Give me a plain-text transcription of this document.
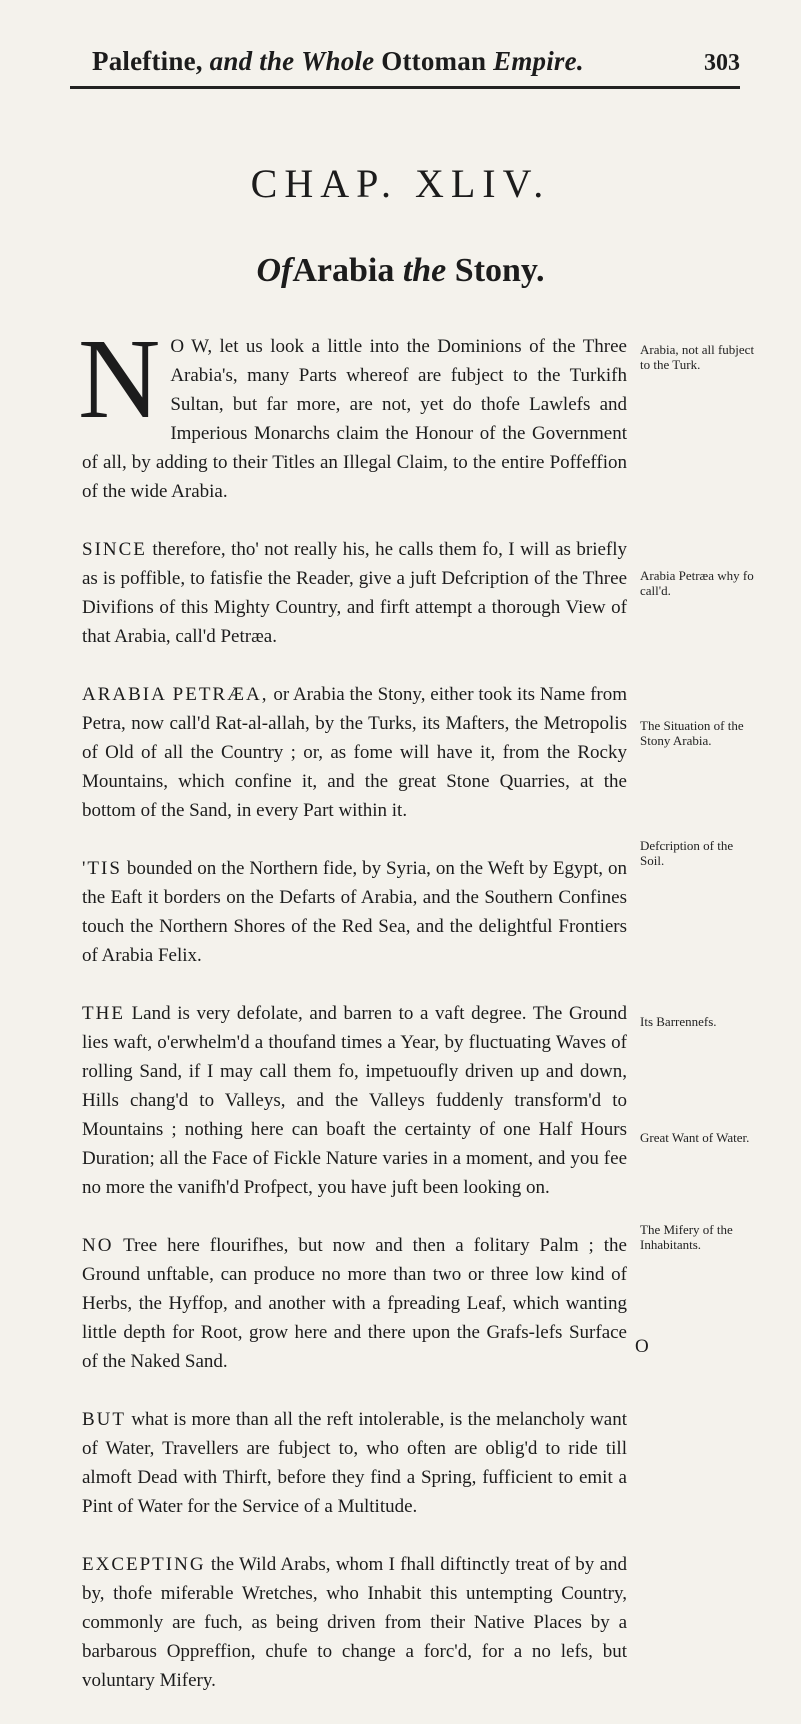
Paleftine, and the Whole Ottoman Empire.	303
CHAP. XLIV.
OfArabia the Stony.

N O W, let us look a little into the Dominions of the Three Arabia's, many Parts whereof are fubject to the Turkifh Sultan, but far more, are not, yet do thofe Lawlefs and Imperious Monarchs claim the Honour of the Government of all, by adding to their Titles an Illegal Claim, to the entire Poffeffion of the wide Arabia.

SINCE therefore, tho' not really his, he calls them fo, I will as briefly as is poffible, to fatisfie the Reader, give a juft Defcription of the Three Divifions of this Mighty Country, and firft attempt a thorough View of that Arabia, call'd Petræa.

ARABIA PETRÆA, or Arabia the Stony, either took its Name from Petra, now call'd Rat-al-allah, by the Turks, its Mafters, the Metropolis of Old of all the Country ; or, as fome will have it, from the Rocky Mountains, which confine it, and the great Stone Quarries, at the bottom of the Sand, in every Part within it.

'TIS bounded on the Northern fide, by Syria, on the Weft by Egypt, on the Eaft it borders on the Defarts of Arabia, and the Southern Confines touch the Northern Shores of the Red Sea, and the delightful Frontiers of Arabia Felix.

THE Land is very defolate, and barren to a vaft degree. The Ground lies waft, o'erwhelm'd a thoufand times a Year, by fluctuating Waves of rolling Sand, if I may call them fo, impetuoufly driven up and down, Hills chang'd to Valleys, and the Valleys fuddenly transform'd to Mountains ; nothing here can boaft the certainty of one Half Hours Duration; all the Face of Fickle Nature varies in a moment, and you fee no more the vanifh'd Profpect, you have juft been looking on.

NO Tree here flourifhes, but now and then a folitary Palm ; the Ground unftable, can produce no more than two or three low kind of Herbs, the Hyffop, and another with a fpreading Leaf, which wanting little depth for Root, grow here and there upon the Grafs-lefs Surface of the Naked Sand.

BUT what is more than all the reft intolerable, is the melancholy want of Water, Travellers are fubject to, who often are oblig'd to ride till almoft Dead with Thirft, before they find a Spring, fufficient to emit a Pint of Water for the Service of a Multitude.

EXCEPTING the Wild Arabs, whom I fhall diftinctly treat of by and by, thofe miferable Wretches, who Inhabit this untempting Country, commonly are fuch, as being driven from their Native Places by a barbarous Oppreffion, chufe to change a forc'd, for a no lefs, but voluntary Mifery.

Arabia, not all fubject to the Turk.
Arabia Petræa why fo call'd.
The Situation of the Stony Arabia.
Defcription of the Soil.
Its Barrennefs.
Great Want of Water.
The Mifery of the Inhabitants.
O
